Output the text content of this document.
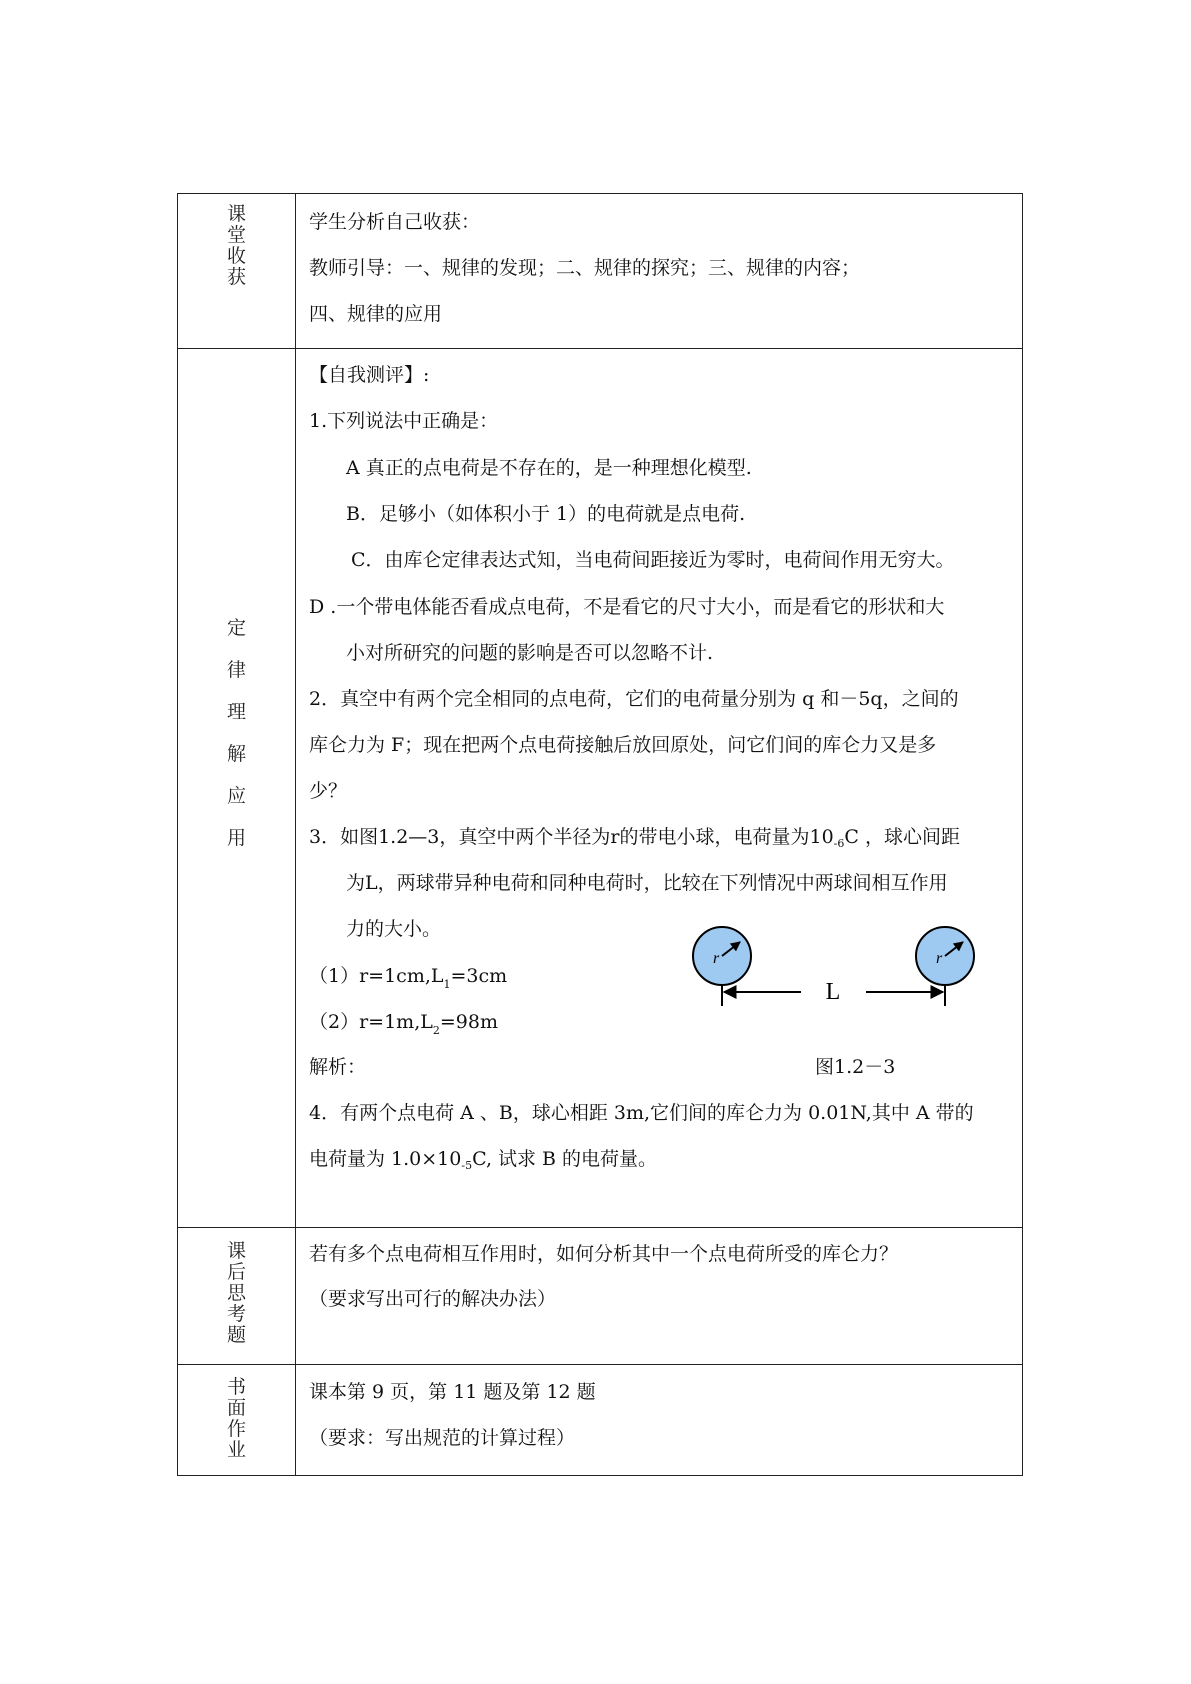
课
堂
收
获
学生分析自己收获：
教师引导：一、规律的发现；二、规律的探究；三、规律的内容；
四、规律的应用
定
律
理
解
应
用
【自我测评】:
1.下列说法中正确是：
A 真正的点电荷是不存在的，是一种理想化模型.
B．足够小（如体积小于 1）的电荷就是点电荷.
C．由库仑定律表达式知，当电荷间距接近为零时，电荷间作用无穷大。
D .一个带电体能否看成点电荷，不是看它的尺寸大小，而是看它的形状和大
小对所研究的问题的影响是否可以忽略不计.
2．真空中有两个完全相同的点电荷，它们的电荷量分别为 q 和－5q，之间的
库仑力为 F；现在把两个点电荷接触后放回原处，问它们间的库仑力又是多
少？
3．如图1.2—3，真空中两个半径为r的带电小球，电荷量为$10^{-6}C$ ，球心间距
为L，两球带异种电荷和同种电荷时，比较在下列情况中两球间相互作用
力的大小。
$(1)r=1cm,L_1=3cm$
$(2)r=1m,L_2=98m$
解析：
r	r
L
图1.2－3
4．有两个点电荷 A 、B，球心相距 3m,它们间的库仑力为 0.01N,其中 A 带的
电荷量为 $1.0\times 10^{-5}C$, 试求 B 的电荷量。
课
后
思
考
题
若有多个点电荷相互作用时，如何分析其中一个点电荷所受的库仑力？
（要求写出可行的解决办法）
书
面
作
业
课本第 9 页，第 11 题及第 12 题
（要求：写出规范的计算过程）
